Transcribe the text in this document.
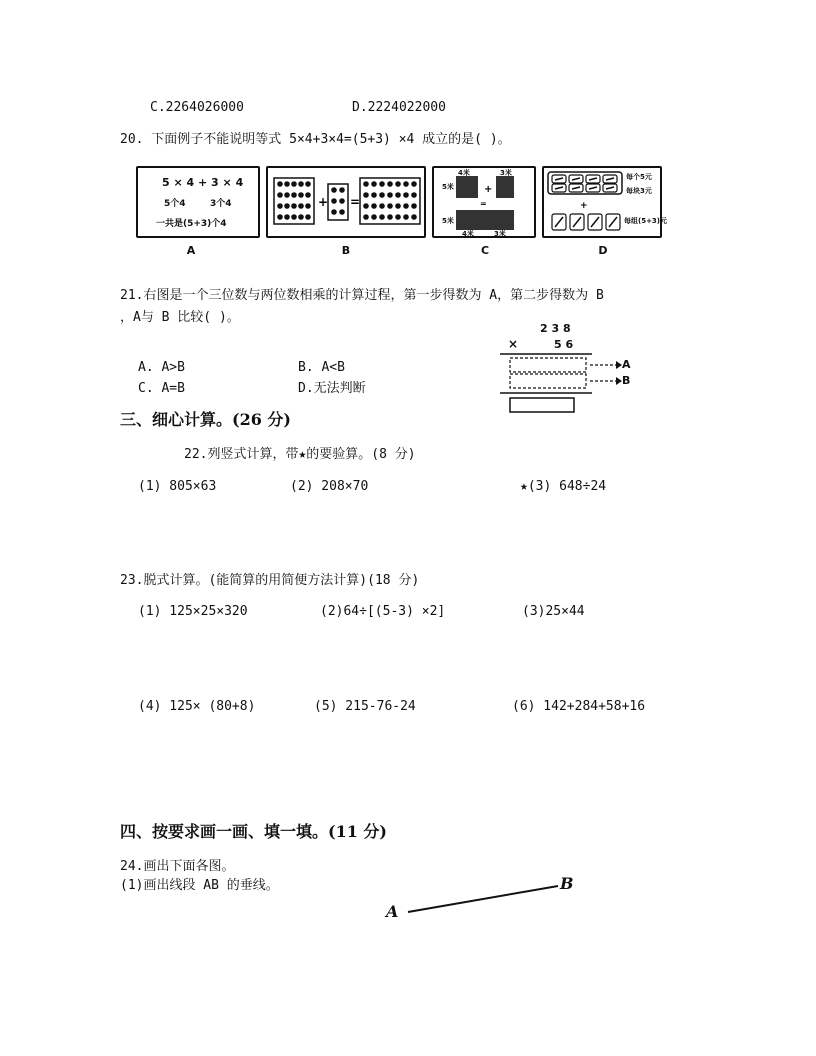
C.2264026000	D.2224022000
20. 下面例子不能说明等式 5×4+3×4=(5+3) ×4 成立的是( )。
5 × 4 + 3 × 4
5个4	3个4
一共是(5+3)个4
A
+ =
B
+
=
4米	3米
5米
5米
4米	3米
C
+
每个5元
每块3元
每组(5+3)元
D
21.右图是一个三位数与两位数相乘的计算过程，第一步得数为 A，第二步得数为 B
，A与 B 比较( )。
A. A>B	B. A<B
C. A=B	D.无法判断
2 3 8
×	5 6
A
B
三、细心计算。(26 分)
22.列竖式计算，带★的要验算。(8 分)
(1) 805×63	(2) 208×70	★(3) 648÷24
23.脱式计算。(能简算的用简便方法计算)(18 分)
(1) 125×25×320	(2)64÷[(5-3) ×2]	(3)25×44
(4) 125× (80+8)	(5) 215-76-24	(6) 142+284+58+16
四、按要求画一画、填一填。(11 分)
24.画出下面各图。
(1)画出线段 AB 的垂线。
A
B
